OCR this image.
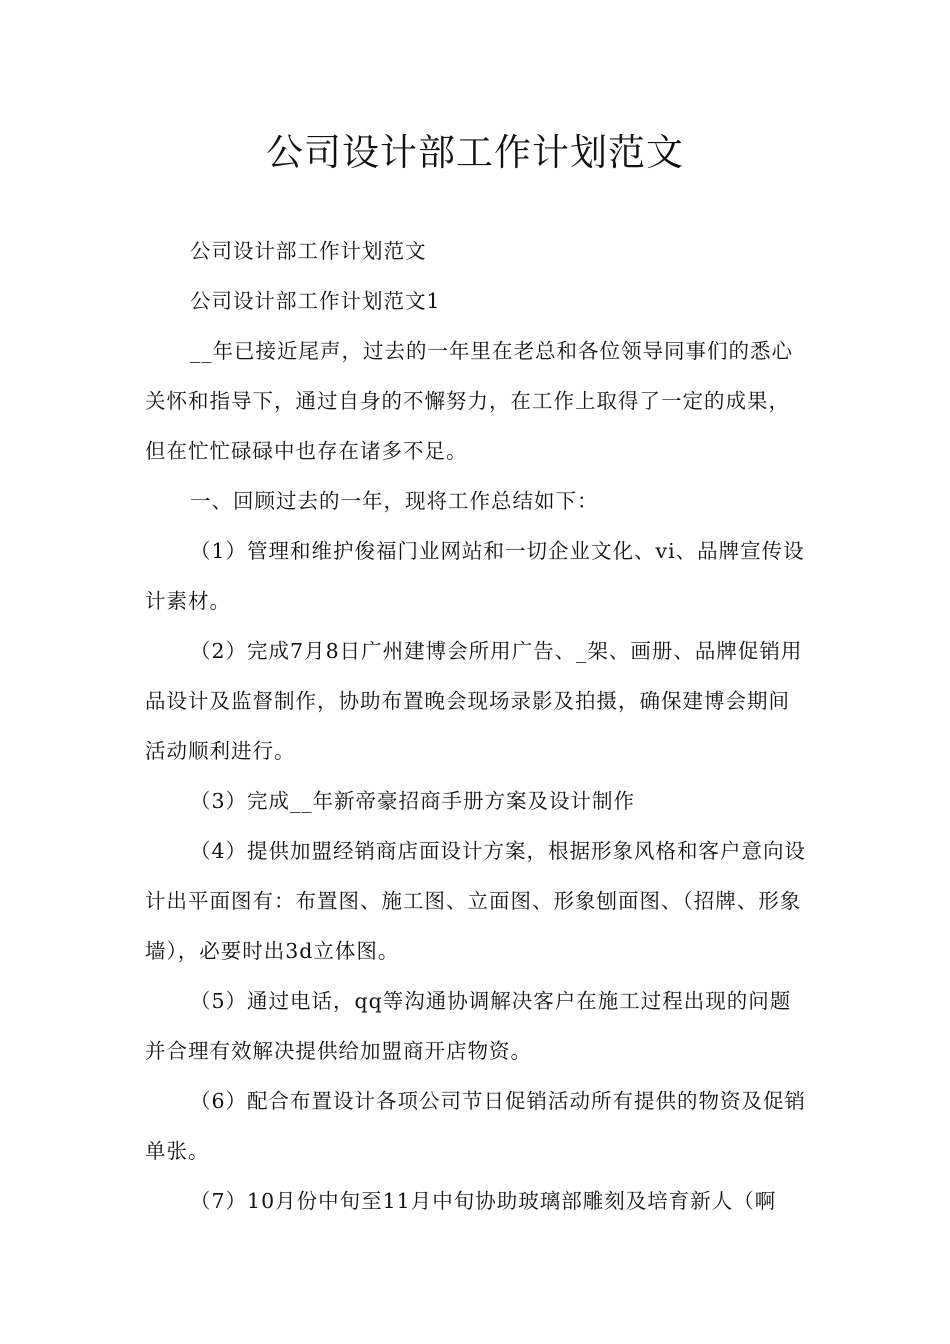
公司设计部工作计划范文

公司设计部工作计划范文

公司设计部工作计划范文1

__年已接近尾声，过去的一年里在老总和各位领导同事们的悉心关怀和指导下，通过自身的不懈努力，在工作上取得了一定的成果，但在忙忙碌碌中也存在诸多不足。

一、回顾过去的一年，现将工作总结如下：

（1）管理和维护俊福门业网站和一切企业文化、vi、品牌宣传设计素材。

（2）完成7月8日广州建博会所用广告、_架、画册、品牌促销用品设计及监督制作，协助布置晚会现场录影及拍摄，确保建博会期间活动顺利进行。

（3）完成__年新帝豪招商手册方案及设计制作

（4）提供加盟经销商店面设计方案，根据形象风格和客户意向设计出平面图有：布置图、施工图、立面图、形象刨面图、（招牌、形象墙），必要时出3d立体图。

（5）通过电话，qq等沟通协调解决客户在施工过程出现的问题并合理有效解决提供给加盟商开店物资。

（6）配合布置设计各项公司节日促销活动所有提供的物资及促销单张。

（7）10月份中旬至11月中旬协助玻璃部雕刻及培育新人（啊
